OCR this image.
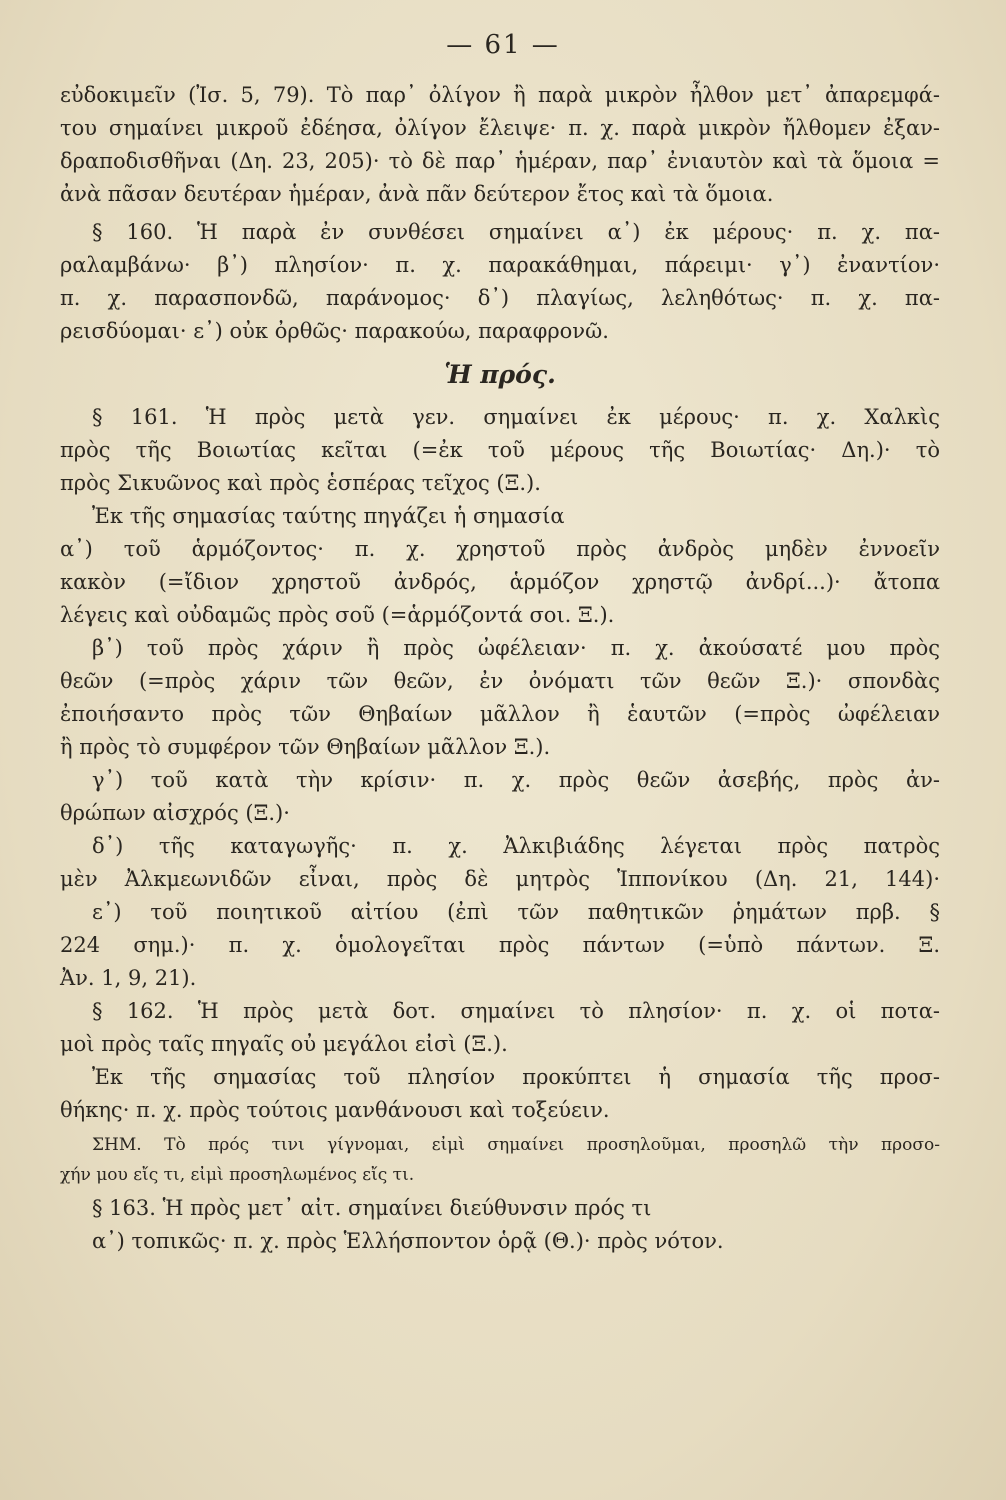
— 61 —
εὐδοκιμεῖν (Ἰσ. 5, 79). Τὸ παρ᾽ ὀλίγον ἢ παρὰ μικρὸν ἦλθον μετ᾽ ἀπαρεμφά-
του σημαίνει μικροῦ ἐδέησα, ὀλίγον ἔλειψε· π. χ. παρὰ μικρὸν ἤλθομεν ἐξαν-
δραποδισθῆναι (Δη. 23, 205)· τὸ δὲ παρ᾽ ἡμέραν, παρ᾽ ἐνιαυτὸν καὶ τὰ ὅμοια =
ἀνὰ πᾶσαν δευτέραν ἡμέραν, ἀνὰ πᾶν δεύτερον ἔτος καὶ τὰ ὅμοια.
§ 160. Ἡ παρὰ ἐν συνθέσει σημαίνει α᾽) ἐκ μέρους· π. χ. πα-
ραλαμβάνω· β᾽) πλησίον· π. χ. παρακάθημαι, πάρειμι· γ᾽) ἐναντίον·
π. χ. παρασπονδῶ, παράνομος· δ᾽) πλαγίως, λεληθότως· π. χ. πα-
ρεισδύομαι· ε᾽) οὐκ ὀρθῶς· παρακούω, παραφρονῶ.
Ἡ πρός.
§ 161. Ἡ πρὸς μετὰ γεν. σημαίνει ἐκ μέρους· π. χ. Χαλκὶς
πρὸς τῆς Βοιωτίας κεῖται (=ἐκ τοῦ μέρους τῆς Βοιωτίας· Δη.)· τὸ
πρὸς Σικυῶνος καὶ πρὸς ἑσπέρας τεῖχος (Ξ.).
Ἐκ τῆς σημασίας ταύτης πηγάζει ἡ σημασία
α᾽) τοῦ ἁρμόζοντος· π. χ. χρηστοῦ πρὸς ἀνδρὸς μηδὲν ἐννοεῖν
κακὸν (=ἴδιον χρηστοῦ ἀνδρός, ἁρμόζον χρηστῷ ἀνδρί...)· ἄτοπα
λέγεις καὶ οὐδαμῶς πρὸς σοῦ (=ἁρμόζοντά σοι. Ξ.).
β᾽) τοῦ πρὸς χάριν ἢ πρὸς ὠφέλειαν· π. χ. ἀκούσατέ μου πρὸς
θεῶν (=πρὸς χάριν τῶν θεῶν, ἐν ὀνόματι τῶν θεῶν Ξ.)· σπονδὰς
ἐποιήσαντο πρὸς τῶν Θηβαίων μᾶλλον ἢ ἑαυτῶν (=πρὸς ὠφέλειαν
ἢ πρὸς τὸ συμφέρον τῶν Θηβαίων μᾶλλον Ξ.).
γ᾽) τοῦ κατὰ τὴν κρίσιν· π. χ. πρὸς θεῶν ἀσεβής, πρὸς ἀν-
θρώπων αἰσχρός (Ξ.)·
δ᾽) τῆς καταγωγῆς· π. χ. Ἀλκιβιάδης λέγεται πρὸς πατρὸς
μὲν Ἀλκμεωνιδῶν εἶναι, πρὸς δὲ μητρὸς Ἱππονίκου (Δη. 21, 144)·
ε᾽) τοῦ ποιητικοῦ αἰτίου (ἐπὶ τῶν παθητικῶν ῥημάτων πρβ. §
224 σημ.)· π. χ. ὁμολογεῖται πρὸς πάντων (=ὑπὸ πάντων. Ξ.
Ἀν. 1, 9, 21).
§ 162. Ἡ πρὸς μετὰ δοτ. σημαίνει τὸ πλησίον· π. χ. οἱ ποτα-
μοὶ πρὸς ταῖς πηγαῖς οὐ μεγάλοι εἰσὶ (Ξ.).
Ἐκ τῆς σημασίας τοῦ πλησίον προκύπτει ἡ σημασία τῆς προσ-
θήκης· π. χ. πρὸς τούτοις μανθάνουσι καὶ τοξεύειν.
ΣΗΜ. Τὸ πρός τινι γίγνομαι, εἰμὶ σημαίνει προσηλοῦμαι, προσηλῶ τὴν προσο-
χήν μου εἴς τι, εἰμὶ προσηλωμένος εἴς τι.
§ 163. Ἡ πρὸς μετ᾽ αἰτ. σημαίνει διεύθυνσιν πρός τι
α᾽) τοπικῶς· π. χ. πρὸς Ἑλλήσποντον ὁρᾷ (Θ.)· πρὸς νότον.
